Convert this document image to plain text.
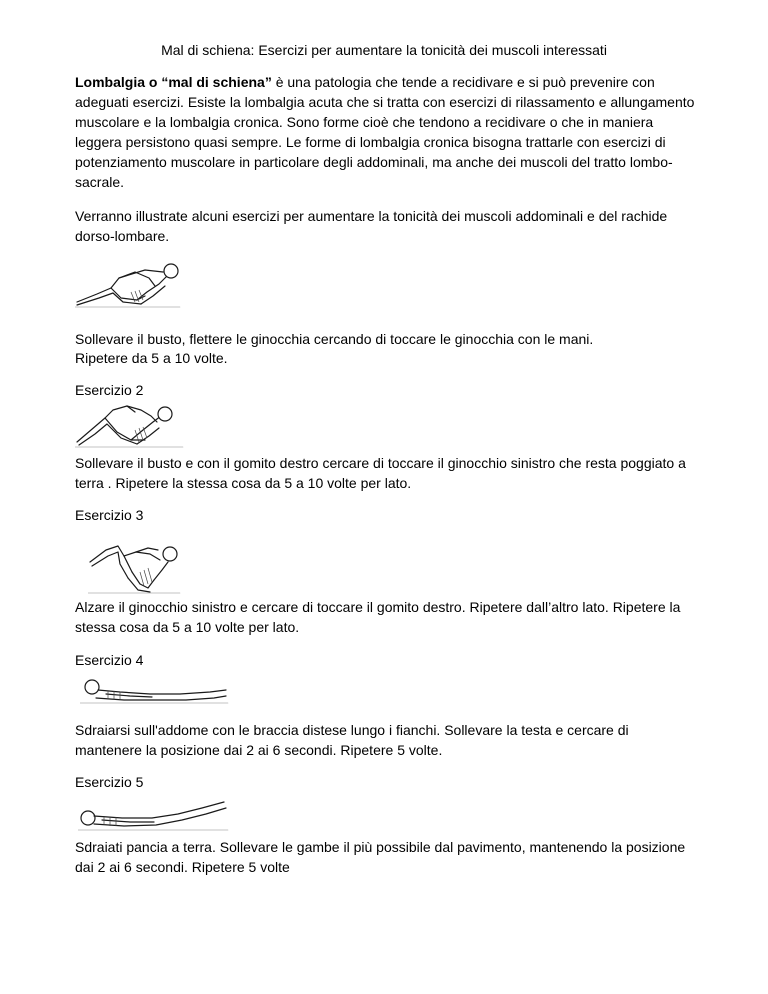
Mal di schiena: Esercizi per aumentare la tonicità dei muscoli interessati
Lombalgia o “mal di schiena” è una patologia che tende a recidivare e si può prevenire con adeguati esercizi. Esiste la lombalgia acuta che si tratta con esercizi di rilassamento e allungamento muscolare e la lombalgia cronica. Sono forme cioè che tendono a recidivare o che in maniera leggera persistono quasi sempre. Le forme di lombalgia cronica bisogna trattarle con esercizi di potenziamento muscolare in particolare degli addominali, ma anche dei muscoli del tratto lombo-sacrale.
Verranno illustrate alcuni esercizi per aumentare la tonicità dei muscoli addominali e del rachide dorso-lombare.
Sollevare il busto, flettere le ginocchia cercando di toccare le ginocchia con le mani.
Ripetere da 5 a 10 volte.
Esercizio 2
Sollevare il busto e con il gomito destro cercare di toccare il ginocchio sinistro che resta poggiato a terra . Ripetere la stessa cosa da 5 a 10 volte per lato.
Esercizio 3
Alzare il ginocchio sinistro e cercare di toccare il gomito destro. Ripetere dall’altro lato. Ripetere la stessa cosa da 5 a 10 volte per lato.
Esercizio 4
Sdraiarsi sull'addome con le braccia distese lungo i fianchi. Sollevare la testa e cercare di mantenere la posizione dai 2 ai 6 secondi. Ripetere 5 volte.
Esercizio 5
Sdraiati pancia a terra. Sollevare le gambe il più possibile dal pavimento, mantenendo la posizione dai 2 ai 6 secondi. Ripetere 5 volte
